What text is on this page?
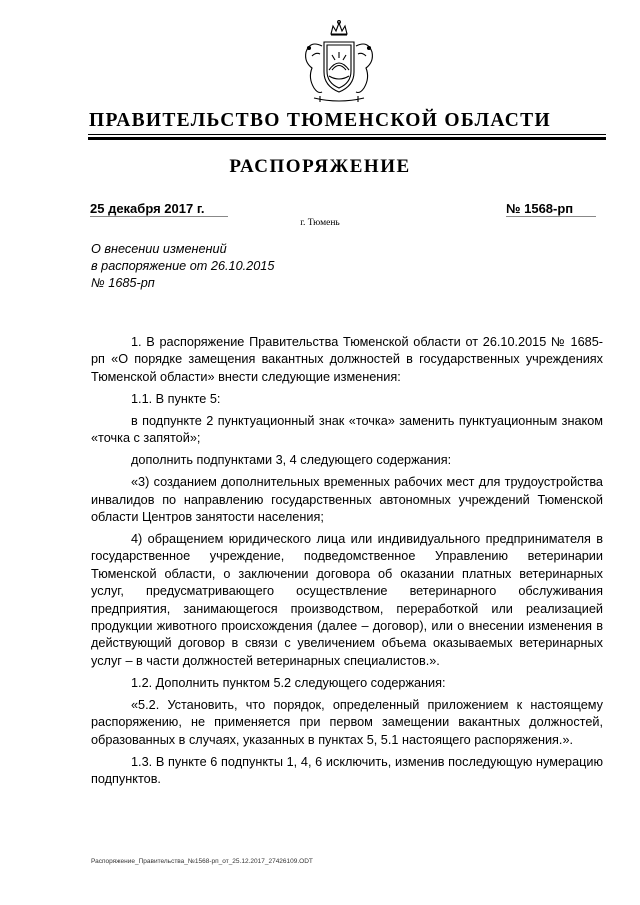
ПРАВИТЕЛЬСТВО ТЮМЕНСКОЙ ОБЛАСТИ
РАСПОРЯЖЕНИЕ
25 декабря 2017 г.	№ 1568-рп
г. Тюмень
О внесении изменений
в распоряжение от 26.10.2015
№ 1685-рп

1. В распоряжение Правительства Тюменской области от 26.10.2015 № 1685-рп «О порядке замещения вакантных должностей в государственных учреждениях Тюменской области» внести следующие изменения:

1.1. В пункте 5:

в подпункте 2 пунктуационный знак «точка» заменить пунктуационным знаком «точка с запятой»;

дополнить подпунктами 3, 4 следующего содержания:

«3) созданием дополнительных временных рабочих мест для трудоустройства инвалидов по направлению государственных автономных учреждений Тюменской области Центров занятости населения;

4) обращением юридического лица или индивидуального предпринимателя в государственное учреждение, подведомственное Управлению ветеринарии Тюменской области, о заключении договора об оказании платных ветеринарных услуг, предусматривающего осуществление ветеринарного обслуживания предприятия, занимающегося производством, переработкой или реализацией продукции животного происхождения (далее – договор), или о внесении изменения в действующий договор в связи с увеличением объема оказываемых ветеринарных услуг – в части должностей ветеринарных специалистов.».

1.2. Дополнить пунктом 5.2 следующего содержания:

«5.2. Установить, что порядок, определенный приложением к настоящему распоряжению, не применяется при первом замещении вакантных должностей, образованных в случаях, указанных в пунктах 5, 5.1 настоящего распоряжения.».

1.3. В пункте 6 подпункты 1, 4, 6 исключить, изменив последующую нумерацию подпунктов.

Распоряжение_Правительства_№1568-рп_от_25.12.2017_27426109.ODT
